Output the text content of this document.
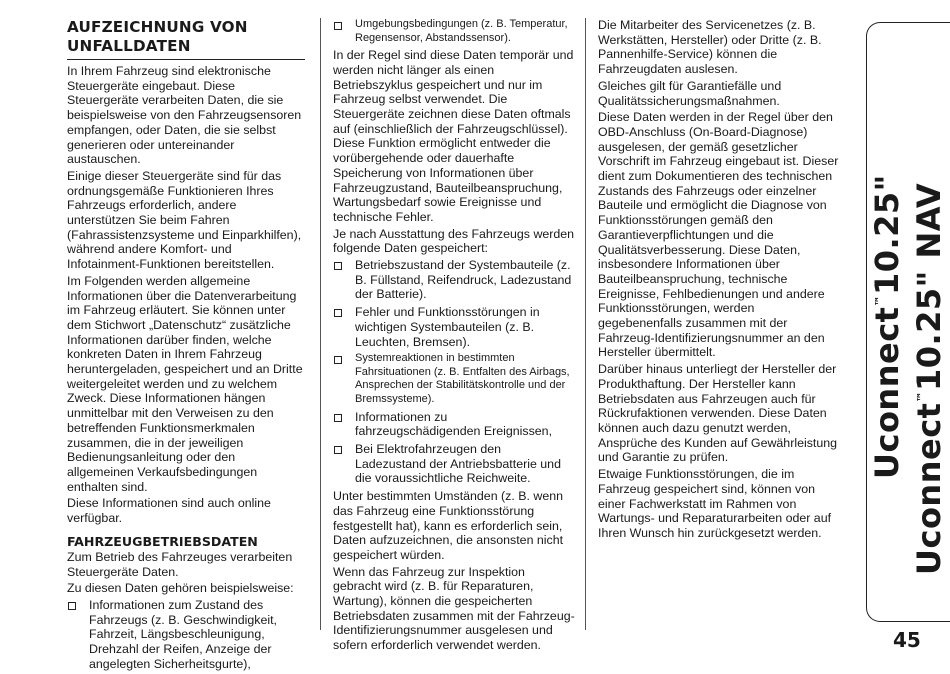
AUFZEICHNUNG VON UNFALLDATEN

In Ihrem Fahrzeug sind elektronische Steuergeräte eingebaut. Diese Steuergeräte verarbeiten Daten, die sie beispielsweise von den Fahrzeugsensoren empfangen, oder Daten, die sie selbst generieren oder untereinander austauschen.

Einige dieser Steuergeräte sind für das ordnungsgemäße Funktionieren Ihres Fahrzeugs erforderlich, andere unterstützen Sie beim Fahren (Fahrassistenzsysteme und Einparkhilfen), während andere Komfort- und Infotainment-Funktionen bereitstellen.

Im Folgenden werden allgemeine Informationen über die Datenverarbeitung im Fahrzeug erläutert. Sie können unter dem Stichwort „Datenschutz“ zusätzliche Informationen darüber finden, welche konkreten Daten in Ihrem Fahrzeug heruntergeladen, gespeichert und an Dritte weitergeleitet werden und zu welchem Zweck. Diese Informationen hängen unmittelbar mit den Verweisen zu den betreffenden Funktionsmerkmalen zusammen, die in der jeweiligen Bedienungsanleitung oder den allgemeinen Verkaufsbedingungen enthalten sind.

Diese Informationen sind auch online verfügbar.

FAHRZEUGBETRIEBSDATEN

Zum Betrieb des Fahrzeuges verarbeiten Steuergeräte Daten.

Zu diesen Daten gehören beispielsweise:

Informationen zum Zustand des Fahrzeugs (z. B. Geschwindigkeit, Fahrzeit, Längsbeschleunigung, Drehzahl der Reifen, Anzeige der angelegten Sicherheitsgurte),
Umgebungsbedingungen (z. B. Temperatur, Regensensor, Abstandssensor).

In der Regel sind diese Daten temporär und werden nicht länger als einen Betriebszyklus gespeichert und nur im Fahrzeug selbst verwendet. Die Steuergeräte zeichnen diese Daten oftmals auf (einschließlich der Fahrzeugschlüssel). Diese Funktion ermöglicht entweder die vorübergehende oder dauerhafte Speicherung von Informationen über Fahrzeugzustand, Bauteilbeanspruchung, Wartungsbedarf sowie Ereignisse und technische Fehler.

Je nach Ausstattung des Fahrzeugs werden folgende Daten gespeichert:

Betriebszustand der Systembauteile (z. B. Füllstand, Reifendruck, Ladezustand der Batterie).
Fehler und Funktionsstörungen in wichtigen Systembauteilen (z. B. Leuchten, Bremsen).
Systemreaktionen in bestimmten Fahrsituationen (z. B. Entfalten des Airbags, Ansprechen der Stabilitätskontrolle und der Bremssysteme).
Informationen zu fahrzeugschädigenden Ereignissen,
Bei Elektrofahrzeugen den Ladezustand der Antriebsbatterie und die voraussichtliche Reichweite.

Unter bestimmten Umständen (z. B. wenn das Fahrzeug eine Funktionsstörung festgestellt hat), kann es erforderlich sein, Daten aufzuzeichnen, die ansonsten nicht gespeichert würden.

Wenn das Fahrzeug zur Inspektion gebracht wird (z. B. für Reparaturen, Wartung), können die gespeicherten Betriebsdaten zusammen mit der Fahrzeug-Identifizierungsnummer ausgelesen und sofern erforderlich verwendet werden.

Die Mitarbeiter des Servicenetzes (z. B. Werkstätten, Hersteller) oder Dritte (z. B. Pannenhilfe-Service) können die Fahrzeugdaten auslesen.

Gleiches gilt für Garantiefälle und Qualitätssicherungsmaßnahmen.

Diese Daten werden in der Regel über den OBD-Anschluss (On-Board-Diagnose) ausgelesen, der gemäß gesetzlicher Vorschrift im Fahrzeug eingebaut ist. Dieser dient zum Dokumentieren des technischen Zustands des Fahrzeugs oder einzelner Bauteile und ermöglicht die Diagnose von Funktionsstörungen gemäß den Garantieverpflichtungen und die Qualitätsverbesserung. Diese Daten, insbesondere Informationen über Bauteilbeanspruchung, technische Ereignisse, Fehlbedienungen und andere Funktionsstörungen, werden gegebenenfalls zusammen mit der Fahrzeug-Identifizierungsnummer an den Hersteller übermittelt.

Darüber hinaus unterliegt der Hersteller der Produkthaftung. Der Hersteller kann Betriebsdaten aus Fahrzeugen auch für Rückrufaktionen verwenden. Diese Daten können auch dazu genutzt werden, Ansprüche des Kunden auf Gewährleistung und Garantie zu prüfen.

Etwaige Funktionsstörungen, die im Fahrzeug gespeichert sind, können von einer Fachwerkstatt im Rahmen von Wartungs- und Reparaturarbeiten oder auf Ihren Wunsch hin zurückgesetzt werden.

Uconnect™10.25"
Uconnect™10.25" NAV
45
